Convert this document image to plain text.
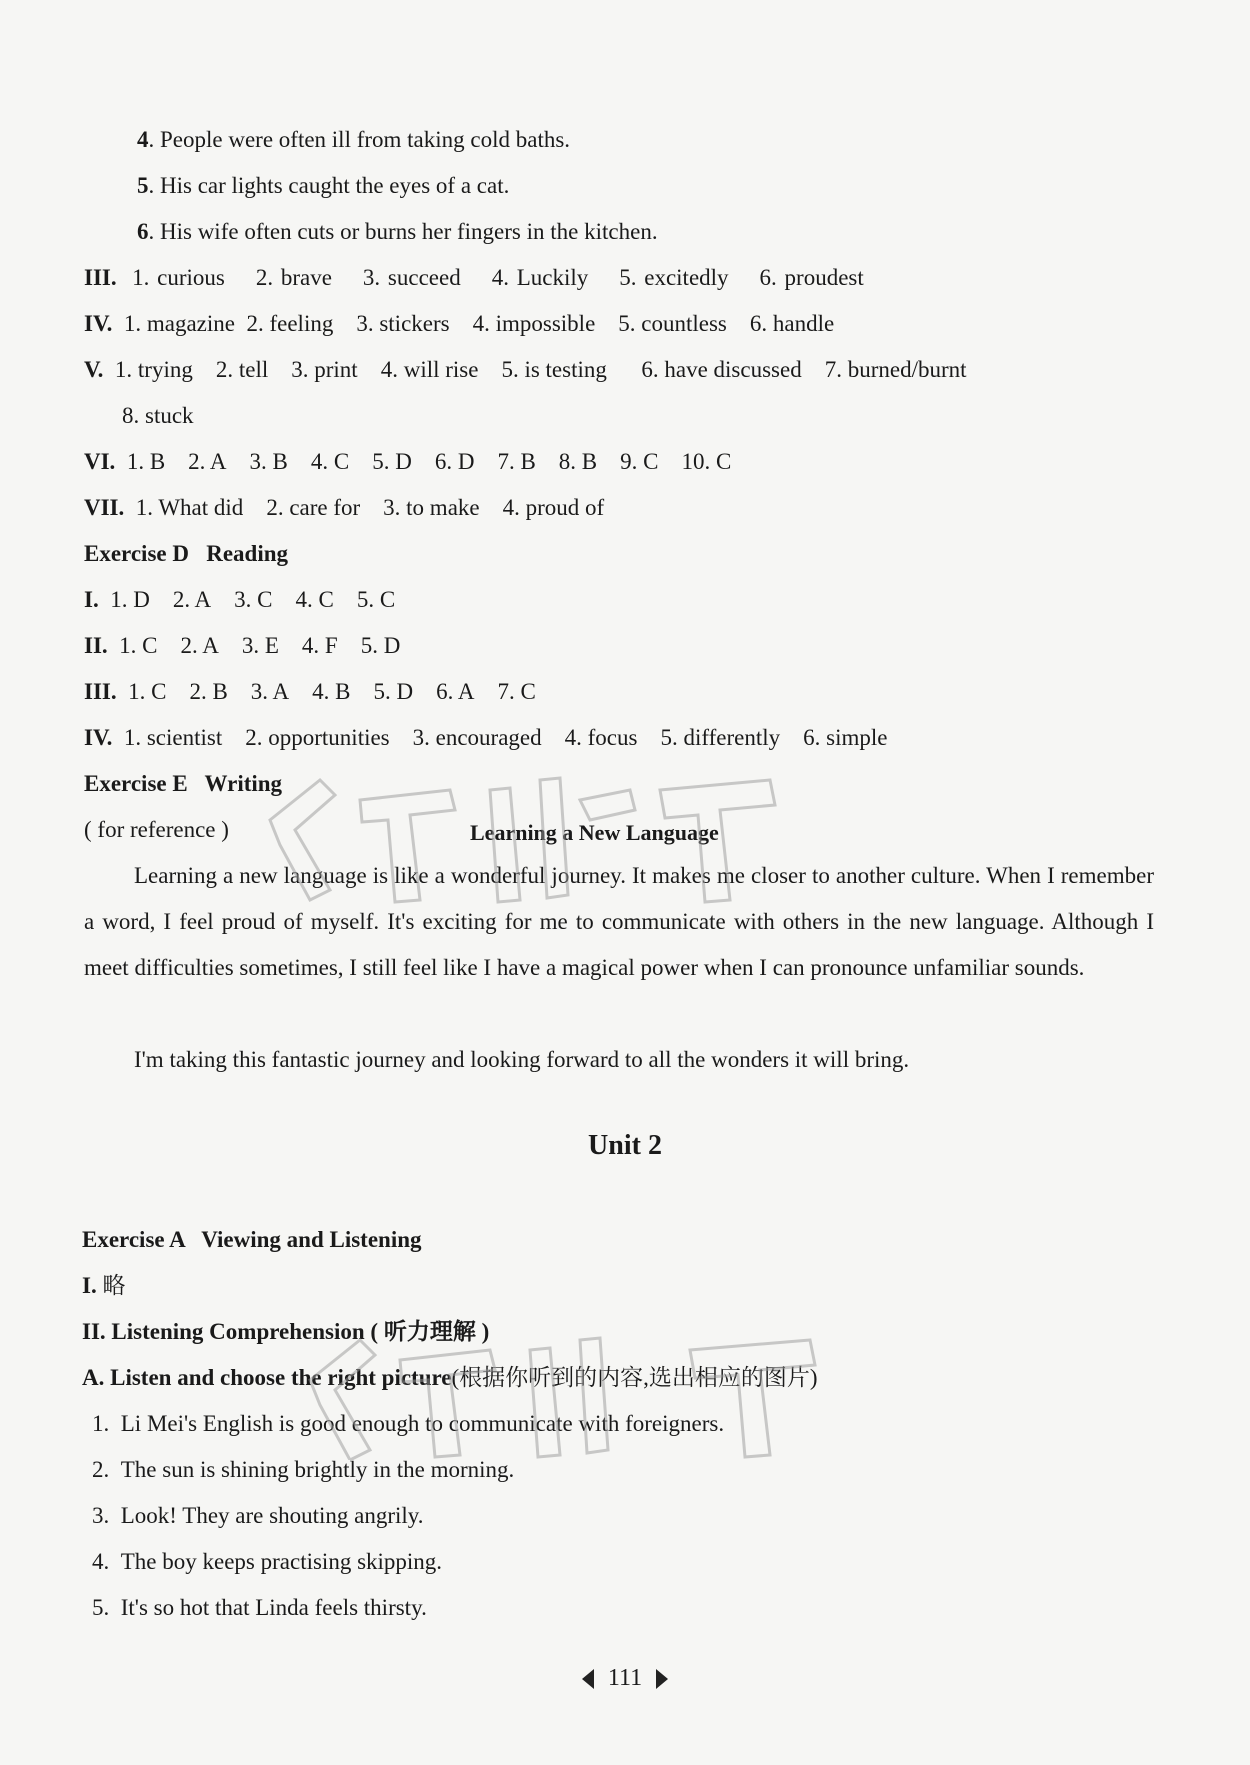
4. People were often ill from taking cold baths.
5. His car lights caught the eyes of a cat.
6. His wife often cuts or burns her fingers in the kitchen.
III. 1. curious 2. brave 3. succeed 4. Luckily 5. excitedly 6. proudest
IV. 1. magazine 2. feeling 3. stickers 4. impossible 5. countless 6. handle
V. 1. trying 2. tell 3. print 4. will rise 5. is testing 6. have discussed 7. burned/burnt
8. stuck
VI. 1. B 2. A 3. B 4. C 5. D 6. D 7. B 8. B 9. C 10. C
VII. 1. What did 2. care for 3. to make 4. proud of
Exercise D   Reading
I. 1. D 2. A 3. C 4. C 5. C
II. 1. C 2. A 3. E 4. F 5. D
III. 1. C 2. B 3. A 4. B 5. D 6. A 7. C
IV. 1. scientist 2. opportunities 3. encouraged 4. focus 5. differently 6. simple
Exercise E   Writing
( for reference )	Learning a New Language
Learning a new language is like a wonderful journey. It makes me closer to another culture. When I remember a word, I feel proud of myself. It's exciting for me to communicate with others in the new language. Although I meet difficulties sometimes, I still feel like I have a magical power when I can pronounce unfamiliar sounds.
I'm taking this fantastic journey and looking forward to all the wonders it will bring.
Unit 2
Exercise A   Viewing and Listening
I. 略
II. Listening Comprehension ( 听力理解 )
A. Listen and choose the right picture(根据你听到的内容,选出相应的图片)
1. Li Mei's English is good enough to communicate with foreigners.
2. The sun is shining brightly in the morning.
3. Look! They are shouting angrily.
4. The boy keeps practising skipping.
5. It's so hot that Linda feels thirsty.
111
